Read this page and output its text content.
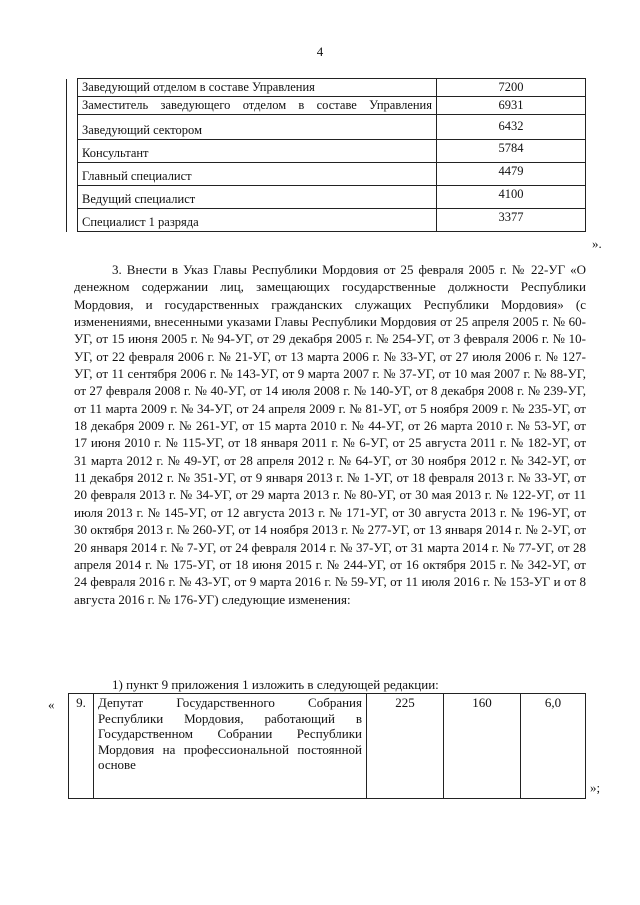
4
	Заведующий отделом в составе Управления	7200
	Заместитель заведующего отделом в составе Управления	6931
	Заведующий сектором	6432
	Консультант	5784
	Главный специалист	4479
	Ведущий специалист	4100
	Специалист 1 разряда	3377
».

3. Внести в Указ Главы Республики Мордовия от 25 февраля 2005 г. № 22-УГ «О денежном содержании лиц, замещающих государственные должности Республики Мордовия, и государственных гражданских служащих Республики Мордовия» (с изменениями, внесенными указами Главы Республики Мордовия от 25 апреля 2005 г. № 60-УГ, от 15 июня 2005 г. № 94-УГ, от 29 декабря 2005 г. № 254-УГ, от 3 февраля 2006 г. № 10-УГ, от 22 февраля 2006 г. № 21-УГ, от 13 марта 2006 г. № 33-УГ, от 27 июля 2006 г. № 127-УГ, от 11 сентября 2006 г. № 143-УГ, от 9 марта 2007 г. № 37-УГ, от 10 мая 2007 г. № 88-УГ, от 27 февраля 2008 г. № 40-УГ, от 14 июля 2008 г. № 140-УГ, от 8 декабря 2008 г. № 239-УГ, от 11 марта 2009 г. № 34-УГ, от 24 апреля 2009 г. № 81-УГ, от 5 ноября 2009 г. № 235-УГ, от 18 декабря 2009 г. № 261-УГ, от 15 марта 2010 г. № 44-УГ, от 26 марта 2010 г. № 53-УГ, от 17 июня 2010 г. № 115-УГ, от 18 января 2011 г. № 6-УГ, от 25 августа 2011 г. № 182-УГ, от 31 марта 2012 г. № 49-УГ, от 28 апреля 2012 г. № 64-УГ, от 30 ноября 2012 г. № 342-УГ, от 11 декабря 2012 г. № 351-УГ, от 9 января 2013 г. № 1-УГ, от 18 февраля 2013 г. № 33-УГ, от 20 февраля 2013 г. № 34-УГ, от 29 марта 2013 г. № 80-УГ, от 30 мая 2013 г. № 122-УГ, от 11 июля 2013 г. № 145-УГ, от 12 августа 2013 г. № 171-УГ, от 30 августа 2013 г. № 196-УГ, от 30 октября 2013 г. № 260-УГ, от 14 ноября 2013 г. № 277-УГ, от 13 января 2014 г. № 2-УГ, от 20 января 2014 г. № 7-УГ, от 24 февраля 2014 г. № 37-УГ, от 31 марта 2014 г. № 77-УГ, от 28 апреля 2014 г. № 175-УГ, от 18 июня 2015 г. № 244-УГ, от 16 октября 2015 г. № 342-УГ, от 24 февраля 2016 г. № 43-УГ, от 9 марта 2016 г. № 59-УГ, от 11 июля 2016 г. № 153-УГ и от 8 августа 2016 г. № 176-УГ) следующие изменения:

1) пункт 9 приложения 1 изложить в следующей редакции:
« 9.	Депутат Государственного Собрания Республики Мордовия, работающий в Государственном Собрании Республики Мордовия на профессиональной постоянной основе	225	160	6,0
»;
